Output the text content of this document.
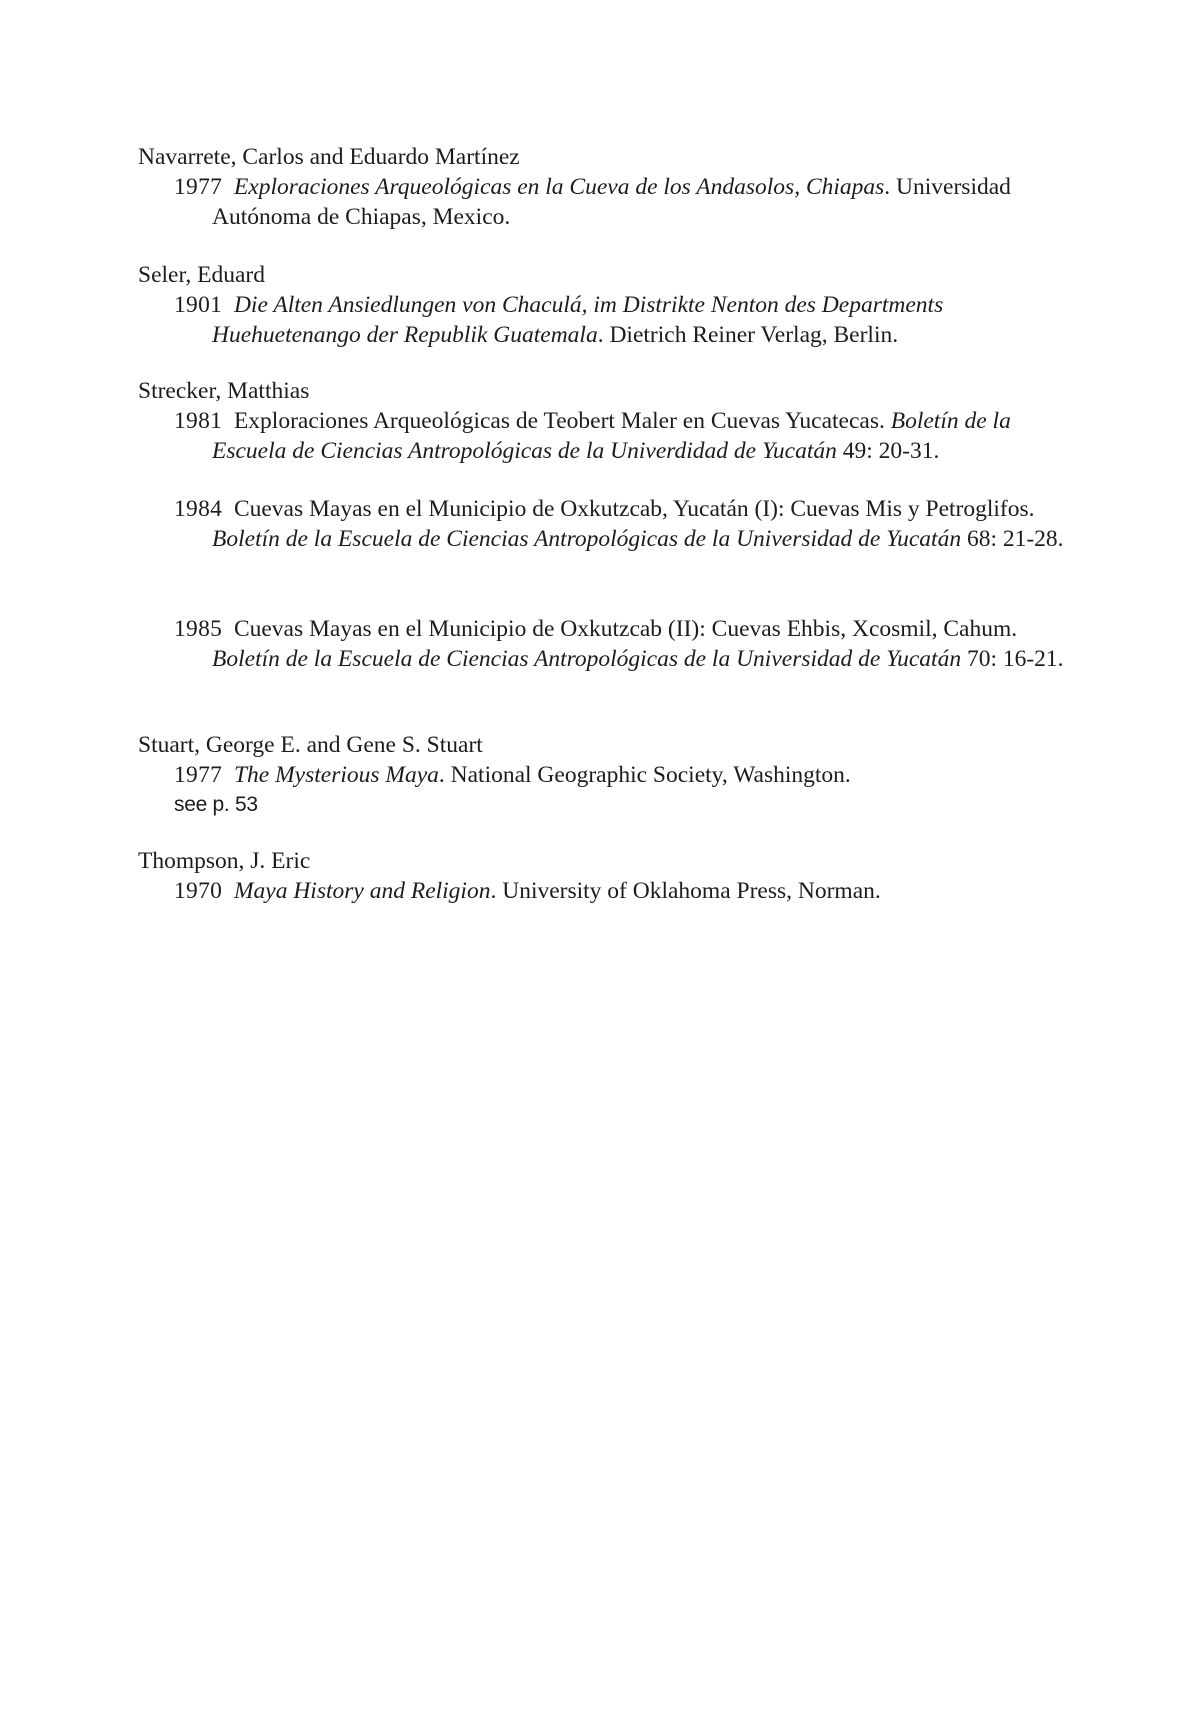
Navarrete, Carlos and Eduardo Martínez

1977 Exploraciones Arqueológicas en la Cueva de los Andasolos, Chiapas. Universidad Autónoma de Chiapas, Mexico.

Seler, Eduard

1901 Die Alten Ansiedlungen von Chaculá, im Distrikte Nenton des Departments Huehuetenango der Republik Guatemala. Dietrich Reiner Verlag, Berlin.

Strecker, Matthias

1981 Exploraciones Arqueológicas de Teobert Maler en Cuevas Yucatecas. Boletín de la Escuela de Ciencias Antropológicas de la Univerdidad de Yucatán 49: 20-31.

1984 Cuevas Mayas en el Municipio de Oxkutzcab, Yucatán (I): Cuevas Mis y Petroglifos. Boletín de la Escuela de Ciencias Antropológicas de la Universidad de Yucatán 68: 21-28.

1985 Cuevas Mayas en el Municipio de Oxkutzcab (II): Cuevas Ehbis, Xcosmil, Cahum. Boletín de la Escuela de Ciencias Antropológicas de la Universidad de Yucatán 70: 16-21.

Stuart, George E. and Gene S. Stuart

1977 The Mysterious Maya. National Geographic Society, Washington.

see p. 53

Thompson, J. Eric

1970 Maya History and Religion. University of Oklahoma Press, Norman.
